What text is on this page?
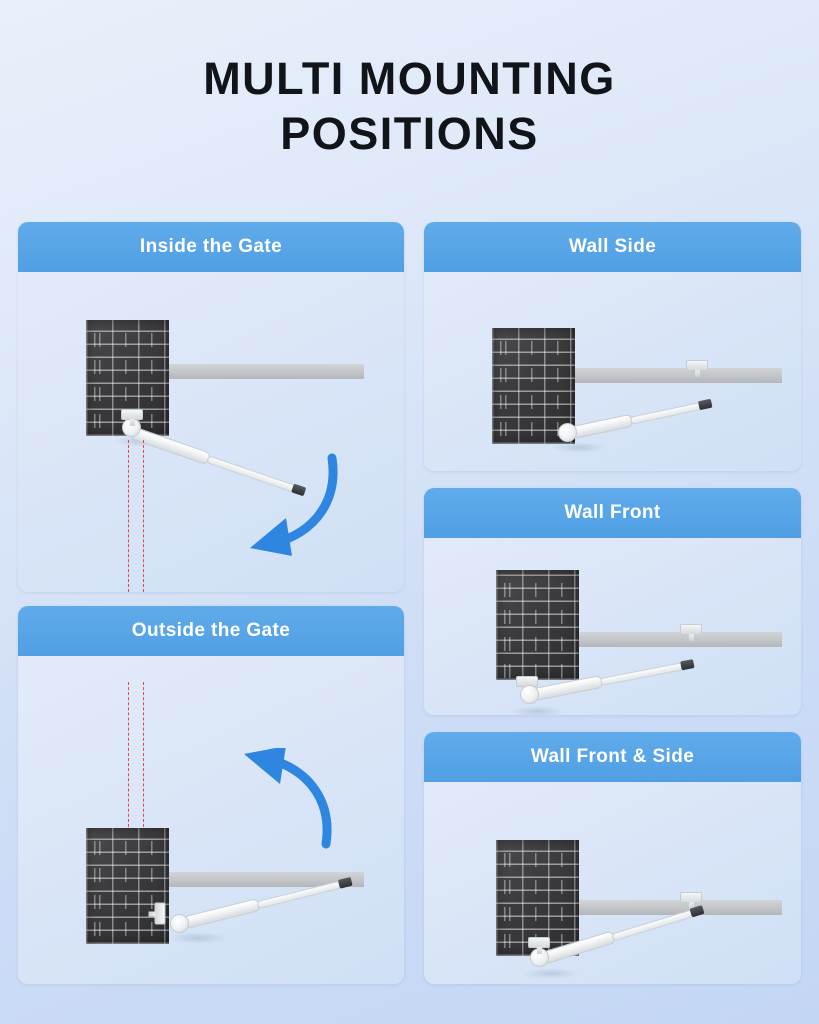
MULTI MOUNTING
POSITIONS
Inside the Gate
Outside the Gate
Wall Side
Wall Front
Wall Front & Side
